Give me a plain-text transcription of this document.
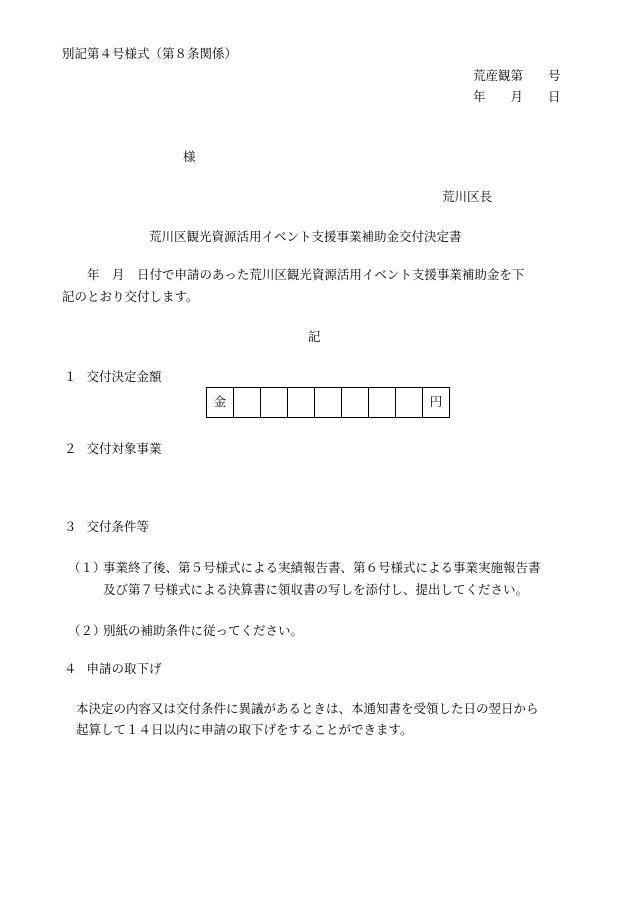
別記第４号様式（第８条関係）
荒産観第　　号
年　　月　　日
様
荒川区長
荒川区観光資源活用イベント支援事業補助金交付決定書
　　年　月　日付で申請のあった荒川区観光資源活用イベント支援事業補助金を下
記のとおり交付します。
記
１ 交付決定金額
金								円
２ 交付対象事業
３ 交付条件等
（１）
事業終了後、第５号様式による実績報告書、第６号様式による事業実施報告書
及び第７号様式による決算書に領収書の写しを添付し、提出してください。
（２）
別紙の補助条件に従ってください。
４ 申請の取下げ
本決定の内容又は交付条件に異議があるときは、本通知書を受領した日の翌日から
起算して１４日以内に申請の取下げをすることができます。
